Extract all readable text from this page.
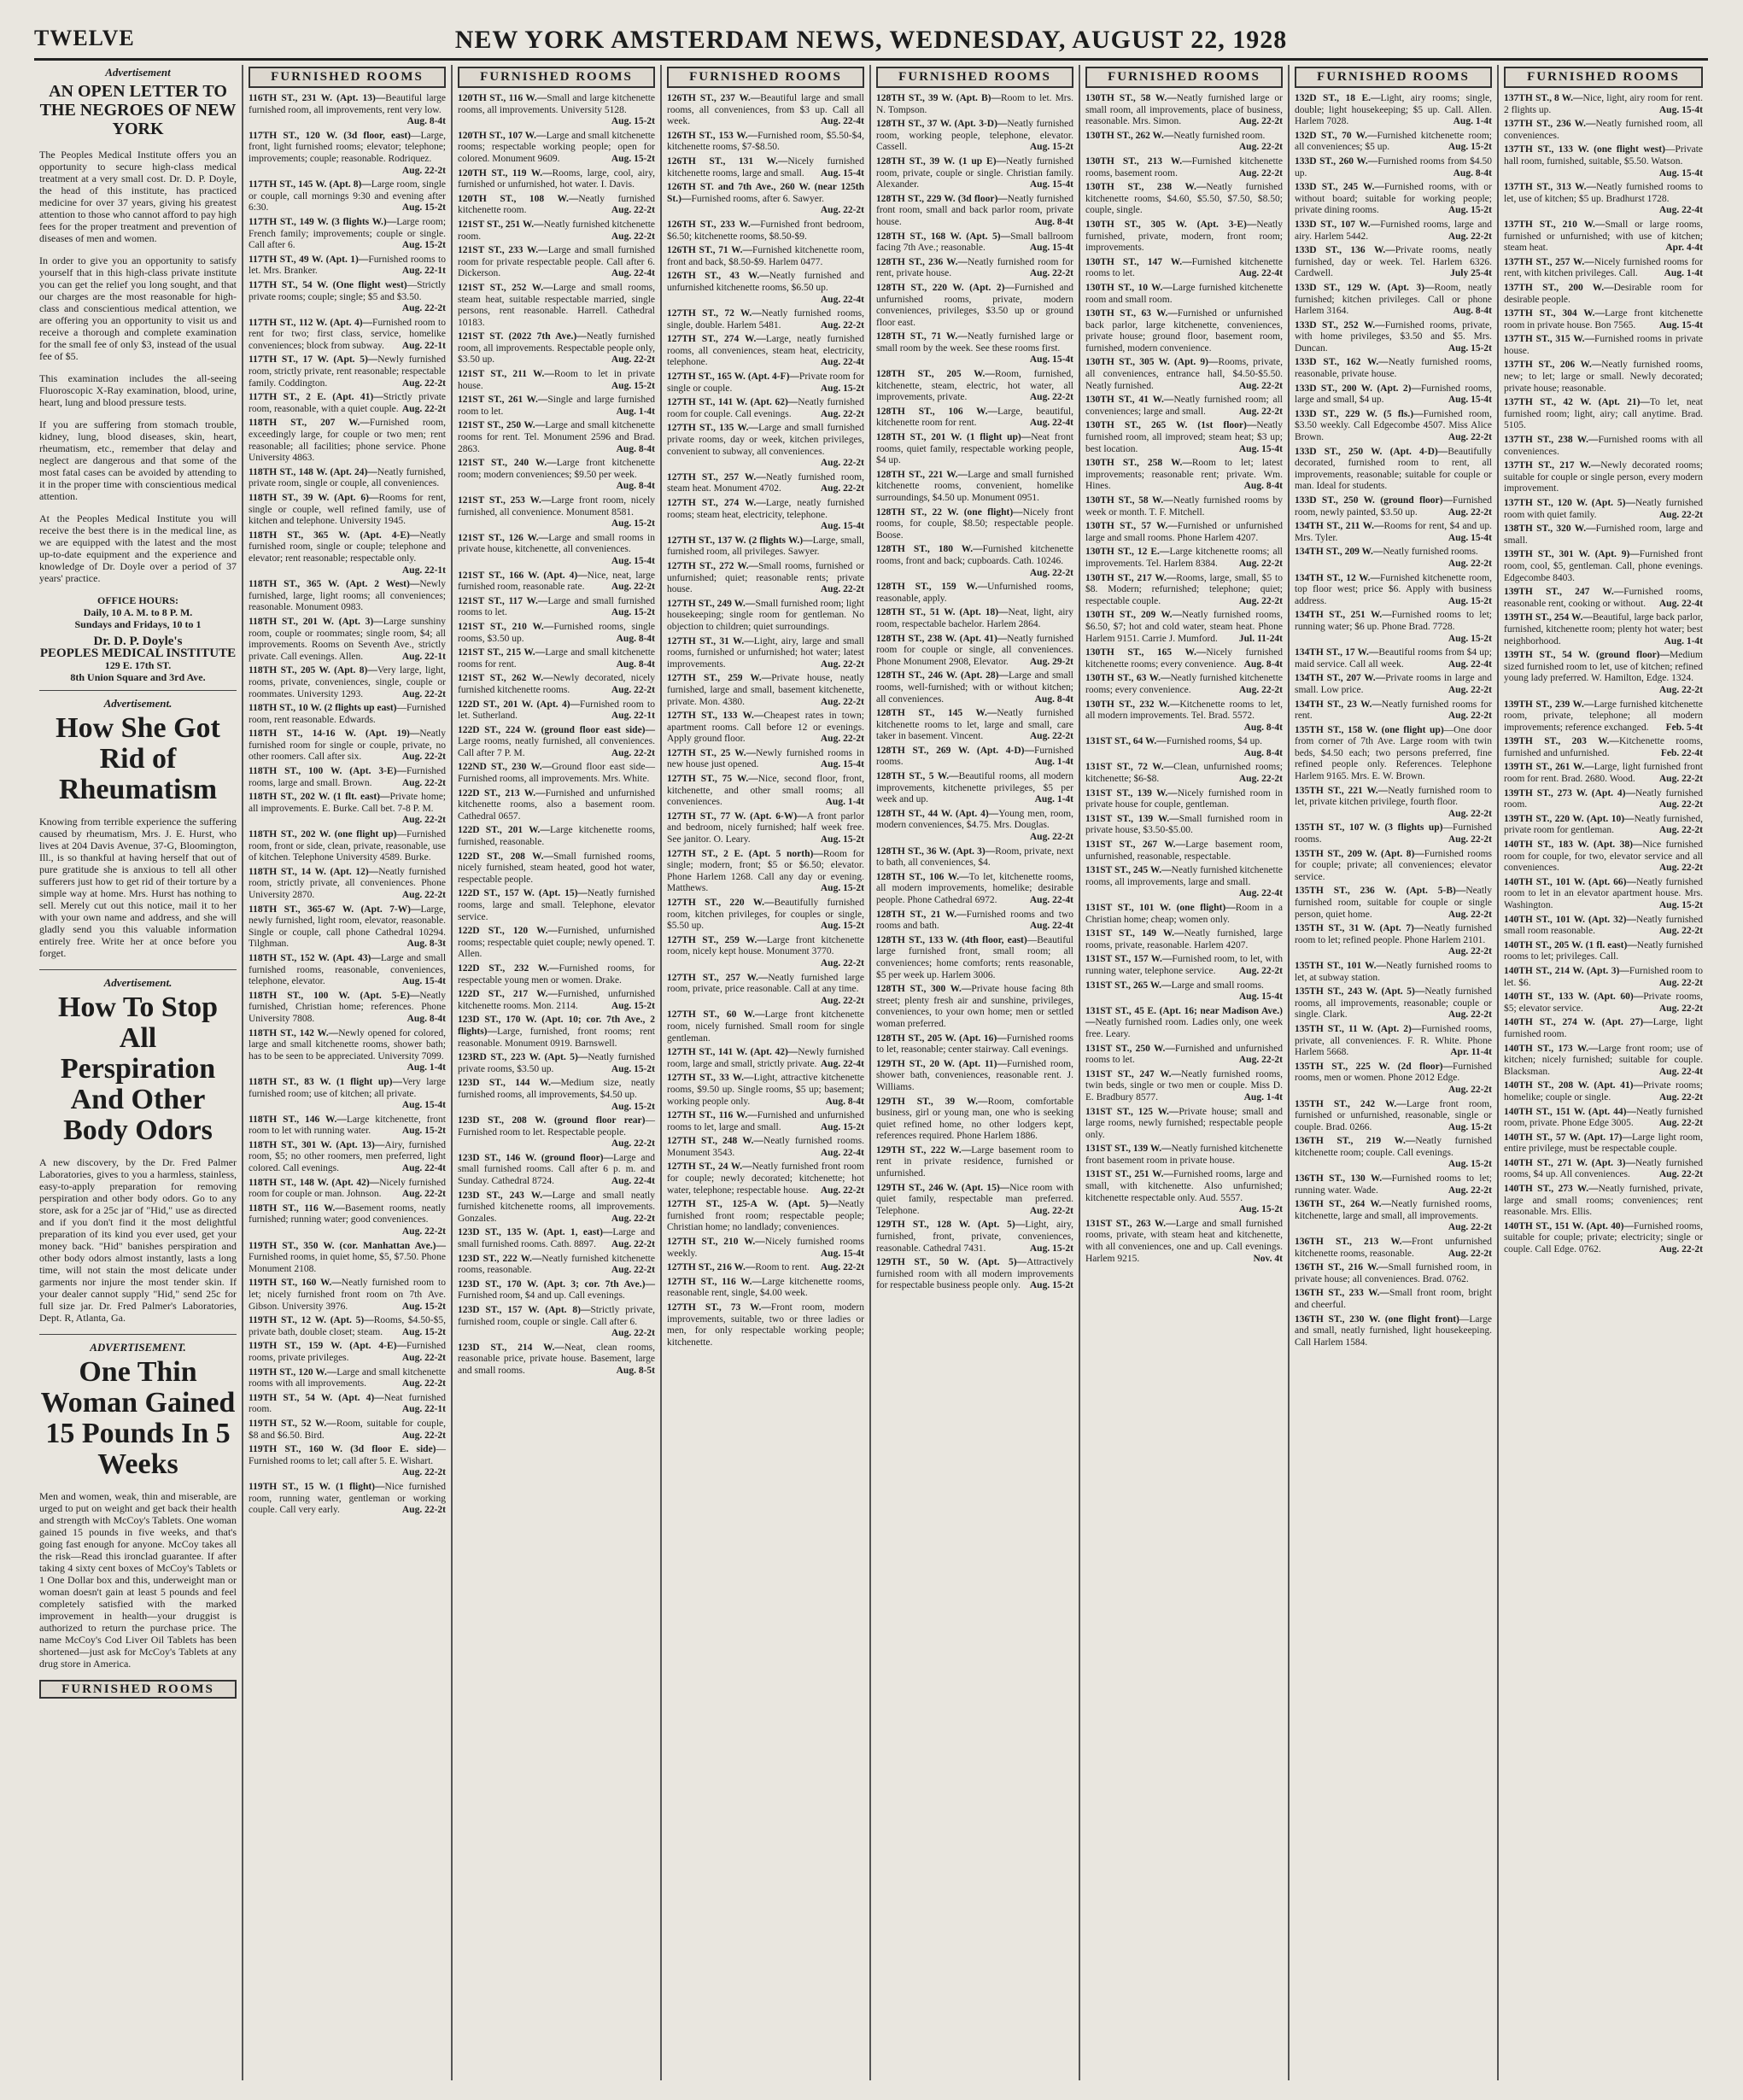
TWELVE	NEW YORK AMSTERDAM NEWS, WEDNESDAY, AUGUST 22, 1928
Advertisement
AN OPEN LETTER TO THE NEGROES OF NEW YORK

The Peoples Medical Institute offers you an opportunity to secure high-class medical treatment at a very small cost. Dr. D. P. Doyle, the head of this institute, has practiced medicine for over 37 years, giving his greatest attention to those who cannot afford to pay high fees for the proper treatment and prevention of diseases of men and women.

In order to give you an opportunity to satisfy yourself that in this high-class private institute you can get the relief you long sought, and that our charges are the most reasonable for high-class and conscientious medical attention, we are offering you an opportunity to visit us and receive a thorough and complete examination for the small fee of only $3, instead of the usual fee of $5.

This examination includes the all-seeing Fluoroscopic X-Ray examination, blood, urine, heart, lung and blood pressure tests.

If you are suffering from stomach trouble, kidney, lung, blood diseases, skin, heart, rheumatism, etc., remember that delay and neglect are dangerous and that some of the most fatal cases can be avoided by attending to it in the proper time with conscientious medical attention.

At the Peoples Medical Institute you will receive the best there is in the medical line, as we are equipped with the latest and the most up-to-date equipment and the experience and knowledge of Dr. Doyle over a period of 37 years' practice.

OFFICE HOURS:
Daily, 10 A. M. to 8 P. M.
Sundays and Fridays, 10 to 1
Dr. D. P. Doyle's
PEOPLES MEDICAL INSTITUTE
129 E. 17th ST.
8th Union Square and 3rd Ave.
Advertisement.
How She Got Rid of Rheumatism

Knowing from terrible experience the suffering caused by rheumatism, Mrs. J. E. Hurst, who lives at 204 Davis Avenue, 37-G, Bloomington, Ill., is so thankful at having herself that out of pure gratitude she is anxious to tell all other sufferers just how to get rid of their torture by a simple way at home. Mrs. Hurst has nothing to sell. Merely cut out this notice, mail it to her with your own name and address, and she will gladly send you this valuable information entirely free. Write her at once before you forget.

Advertisement.
How To Stop All Perspiration And Other Body Odors

A new discovery, by the Dr. Fred Palmer Laboratories, gives to you a harmless, stainless, easy-to-apply preparation for removing perspiration and other body odors. Go to any store, ask for a 25c jar of "Hid," use as directed and if you don't find it the most delightful preparation of its kind you ever used, get your money back. "Hid" banishes perspiration and other body odors almost instantly, lasts a long time, will not stain the most delicate under garments nor injure the most tender skin. If your dealer cannot supply "Hid," send 25c for full size jar. Dr. Fred Palmer's Laboratories, Dept. R, Atlanta, Ga.

ADVERTISEMENT.
One Thin Woman Gained 15 Pounds In 5 Weeks

Men and women, weak, thin and miserable, are urged to put on weight and get back their health and strength with McCoy's Tablets. One woman gained 15 pounds in five weeks, and that's going fast enough for anyone. McCoy takes all the risk—Read this ironclad guarantee. If after taking 4 sixty cent boxes of McCoy's Tablets or 1 One Dollar box and this, underweight man or woman doesn't gain at least 5 pounds and feel completely satisfied with the marked improvement in health—your druggist is authorized to return the purchase price. The name McCoy's Cod Liver Oil Tablets has been shortened—just ask for McCoy's Tablets at any drug store in America.

FURNISHED ROOMS
FURNISHED ROOMS
116TH ST., 231 W. (Apt. 13)—Beautiful large furnished room, all improvements, rent very low.
Aug. 8-4t
117TH ST., 120 W. (3d floor, east)—Large, front, light furnished rooms; elevator; telephone; improvements; couple; reasonable. Rodriquez.
Aug. 22-2t
117TH ST., 145 W. (Apt. 8)—Large room, single or couple, call mornings 9:30 and evening after 6:30.	Aug. 15-2t
117TH ST., 149 W. (3 flights W.)—Large room; French family; improvements; couple or single. Call after 6.	Aug. 15-2t
117TH ST., 49 W. (Apt. 1)—Furnished rooms to let. Mrs. Branker.	Aug. 22-1t
117TH ST., 54 W. (One flight west)—Strictly private rooms; couple; single; $5 and $3.50.
Aug. 22-2t
117TH ST., 112 W. (Apt. 4)—Furnished room to rent for two; first class, service, homelike conveniences; block from subway.	Aug. 22-1t
117TH ST., 17 W. (Apt. 5)—Newly furnished room, strictly private, rent reasonable; respectable family. Coddington.	Aug. 22-2t
117TH ST., 2 E. (Apt. 41)—Strictly private room, reasonable, with a quiet couple. Aug. 22-2t
118TH ST., 207 W.—Furnished room, exceedingly large, for couple or two men; rent reasonable; all facilities; phone service. Phone University 4863.
118TH ST., 148 W. (Apt. 24)—Neatly furnished, private room, single or couple, all conveniences.
118TH ST., 39 W. (Apt. 6)—Rooms for rent, single or couple, well refined family, use of kitchen and telephone. University 1945.
118TH ST., 365 W. (Apt. 4-E)—Neatly furnished room, single or couple; telephone and elevator; rent reasonable; respectable only.
Aug. 22-1t
118TH ST., 365 W. (Apt. 2 West)—Newly furnished, large, light rooms; all conveniences; reasonable. Monument 0983.
118TH ST., 201 W. (Apt. 3)—Large sunshiny room, couple or roommates; single room, $4; all improvements. Rooms on Seventh Ave., strictly private. Call evenings. Allen.	Aug. 22-1t
118TH ST., 205 W. (Apt. 8)—Very large, light, rooms, private, conveniences, single, couple or roommates. University 1293.	Aug. 22-2t
118TH ST., 10 W. (2 flights up east)—Furnished room, rent reasonable. Edwards.
118TH ST., 14-16 W. (Apt. 19)—Neatly furnished room for single or couple, private, no other roomers. Call after six.	Aug. 22-2t
118TH ST., 100 W. (Apt. 3-E)—Furnished rooms, large and small. Brown.	Aug. 22-2t
118TH ST., 202 W. (1 flt. east)—Private home; all improvements. E. Burke. Call bet. 7-8 P. M.
Aug. 22-2t
118TH ST., 202 W. (one flight up)—Furnished room, front or side, clean, private, reasonable, use of kitchen. Telephone University 4589. Burke.
118TH ST., 14 W. (Apt. 12)—Neatly furnished room, strictly private, all conveniences. Phone University 2870.	Aug. 22-2t
118TH ST., 365-67 W. (Apt. 7-W)—Large, newly furnished, light room, elevator, reasonable. Single or couple, call phone Cathedral 10294. Tilghman.	Aug. 8-3t
118TH ST., 152 W. (Apt. 43)—Large and small furnished rooms, reasonable, conveniences, telephone, elevator.	Aug. 15-4t
118TH ST., 100 W. (Apt. 5-E)—Neatly furnished, Christian home; references. Phone University 7808.	Aug. 8-4t
118TH ST., 142 W.—Newly opened for colored, large and small kitchenette rooms, shower bath; has to be seen to be appreciated. University 7099.
Aug. 1-4t
118TH ST., 83 W. (1 flight up)—Very large furnished room; use of kitchen; all private.
Aug. 15-4t
118TH ST., 146 W.—Large kitchenette, front room to let with running water.	Aug. 15-2t
118TH ST., 301 W. (Apt. 13)—Airy, furnished room, $5; no other roomers, men preferred, light colored. Call evenings.	Aug. 22-4t
118TH ST., 148 W. (Apt. 42)—Nicely furnished room for couple or man. Johnson.	Aug. 22-2t
118TH ST., 116 W.—Basement rooms, neatly furnished; running water; good conveniences.
Aug. 22-2t
119TH ST., 350 W. (cor. Manhattan Ave.)—Furnished rooms, in quiet home, $5, $7.50. Phone Monument 2108.
119TH ST., 160 W.—Neatly furnished room to let; nicely furnished front room on 7th Ave. Gibson. University 3976.	Aug. 15-2t
119TH ST., 12 W. (Apt. 5)—Rooms, $4.50-$5, private bath, double closet; steam.	Aug. 15-2t
119TH ST., 159 W. (Apt. 4-E)—Furnished rooms, private privileges.	Aug. 22-2t
119TH ST., 120 W.—Large and small kitchenette rooms with all improvements.	Aug. 22-2t
119TH ST., 54 W. (Apt. 4)—Neat furnished room.	Aug. 22-1t
119TH ST., 52 W.—Room, suitable for couple, $8 and $6.50. Bird.	Aug. 22-2t
119TH ST., 160 W. (3d floor E. side)—Furnished rooms to let; call after 5. E. Wishart.
Aug. 22-2t
119TH ST., 15 W. (1 flight)—Nice furnished room, running water, gentleman or working couple. Call very early.	Aug. 22-2t
FURNISHED ROOMS
120TH ST., 116 W.—Small and large kitchenette rooms, all improvements. University 5128.
Aug. 15-2t
120TH ST., 107 W.—Large and small kitchenette rooms; respectable working people; open for colored. Monument 9609.	Aug. 15-2t
120TH ST., 119 W.—Rooms, large, cool, airy, furnished or unfurnished, hot water. I. Davis.
120TH ST., 108 W.—Neatly furnished kitchenette room.	Aug. 22-2t
121ST ST., 251 W.—Neatly furnished kitchenette room.	Aug. 22-2t
121ST ST., 233 W.—Large and small furnished room for private respectable people. Call after 6. Dickerson.	Aug. 22-4t
121ST ST., 252 W.—Large and small rooms, steam heat, suitable respectable married, single persons, rent reasonable. Harrell. Cathedral 10183.
121ST ST. (2022 7th Ave.)—Neatly furnished room, all improvements. Respectable people only, $3.50 up.	Aug. 22-2t
121ST ST., 211 W.—Room to let in private house.	Aug. 15-2t
121ST ST., 261 W.—Single and large furnished room to let.	Aug. 1-4t
121ST ST., 250 W.—Large and small kitchenette rooms for rent. Tel. Monument 2596 and Brad. 2863.	Aug. 8-4t
121ST ST., 240 W.—Large front kitchenette room; modern conveniences; $9.50 per week.
Aug. 8-4t
121ST ST., 253 W.—Large front room, nicely furnished, all convenience. Monument 8581.
Aug. 15-2t
121ST ST., 126 W.—Large and small rooms in private house, kitchenette, all conveniences.
Aug. 15-4t
121ST ST., 166 W. (Apt. 4)—Nice, neat, large furnished room, reasonable rate.	Aug. 22-2t
121ST ST., 117 W.—Large and small furnished rooms to let.	Aug. 15-2t
121ST ST., 210 W.—Furnished rooms, single rooms, $3.50 up.	Aug. 8-4t
121ST ST., 215 W.—Large and small kitchenette rooms for rent.	Aug. 8-4t
121ST ST., 262 W.—Newly decorated, nicely furnished kitchenette rooms.	Aug. 22-2t
122D ST., 201 W. (Apt. 4)—Furnished room to let. Sutherland.	Aug. 22-1t
122D ST., 224 W. (ground floor east side)—Large rooms, neatly furnished, all conveniences. Call after 7 P. M.	Aug. 22-2t
122ND ST., 230 W.—Ground floor east side—Furnished rooms, all improvements. Mrs. White.
122D ST., 213 W.—Furnished and unfurnished kitchenette rooms, also a basement room. Cathedral 0657.
122D ST., 201 W.—Large kitchenette rooms, furnished, reasonable.
122D ST., 208 W.—Small furnished rooms, nicely furnished, steam heated, good hot water, respectable people.
122D ST., 157 W. (Apt. 15)—Neatly furnished rooms, large and small. Telephone, elevator service.
122D ST., 120 W.—Furnished, unfurnished rooms; respectable quiet couple; newly opened. T. Allen.
122D ST., 232 W.—Furnished rooms, for respectable young men or women. Drake.
122D ST., 217 W.—Furnished, unfurnished kitchenette rooms. Mon. 2114.	Aug. 15-2t
123D ST., 170 W. (Apt. 10; cor. 7th Ave., 2 flights)—Large, furnished, front rooms; rent reasonable. Monument 0919. Barnswell.
123RD ST., 223 W. (Apt. 5)—Neatly furnished private rooms, $3.50 up.	Aug. 15-2t
123D ST., 144 W.—Medium size, neatly furnished rooms, all improvements, $4.50 up.
Aug. 15-2t
123D ST., 208 W. (ground floor rear)—Furnished room to let. Respectable people.
Aug. 22-2t
123D ST., 146 W. (ground floor)—Large and small furnished rooms. Call after 6 p. m. and Sunday. Cathedral 8724.	Aug. 22-4t
123D ST., 243 W.—Large and small neatly furnished kitchenette rooms, all improvements. Gonzales.	Aug. 22-2t
123D ST., 135 W. (Apt. 1, east)—Large and small furnished rooms. Cath. 8897.	Aug. 22-2t
123D ST., 222 W.—Neatly furnished kitchenette rooms, reasonable.	Aug. 22-2t
123D ST., 170 W. (Apt. 3; cor. 7th Ave.)—Furnished room, $4 and up. Call evenings.
123D ST., 157 W. (Apt. 8)—Strictly private, furnished room, couple or single. Call after 6.
Aug. 22-2t
123D ST., 214 W.—Neat, clean rooms, reasonable price, private house. Basement, large and small rooms.	Aug. 8-5t
FURNISHED ROOMS
126TH ST., 237 W.—Beautiful large and small rooms, all conveniences, from $3 up. Call all week.	Aug. 22-4t
126TH ST., 153 W.—Furnished room, $5.50-$4, kitchenette rooms, $7-$8.50.
126TH ST., 131 W.—Nicely furnished kitchenette rooms, large and small.	Aug. 15-4t
126TH ST. and 7th Ave., 260 W. (near 125th St.)—Furnished rooms, after 6. Sawyer.
Aug. 22-2t
126TH ST., 233 W.—Furnished front bedroom, $6.50; kitchenette rooms, $8.50-$9.
126TH ST., 71 W.—Furnished kitchenette room, front and back, $8.50-$9. Harlem 0477.
126TH ST., 43 W.—Neatly furnished and unfurnished kitchenette rooms, $6.50 up.
Aug. 22-4t
127TH ST., 72 W.—Neatly furnished rooms, single, double. Harlem 5481.	Aug. 22-2t
127TH ST., 274 W.—Large, neatly furnished rooms, all conveniences, steam heat, electricity, telephone.	Aug. 22-4t
127TH ST., 165 W. (Apt. 4-F)—Private room for single or couple.	Aug. 15-2t
127TH ST., 141 W. (Apt. 62)—Neatly furnished room for couple. Call evenings.	Aug. 22-2t
127TH ST., 135 W.—Large and small furnished private rooms, day or week, kitchen privileges, convenient to subway, all conveniences.
Aug. 22-2t
127TH ST., 257 W.—Neatly furnished room, steam heat. Monument 4702.	Aug. 22-2t
127TH ST., 274 W.—Large, neatly furnished rooms; steam heat, electricity, telephone.
Aug. 15-4t
127TH ST., 137 W. (2 flights W.)—Large, small, furnished room, all privileges. Sawyer.
127TH ST., 272 W.—Small rooms, furnished or unfurnished; quiet; reasonable rents; private house.	Aug. 22-2t
127TH ST., 249 W.—Small furnished room; light housekeeping; single room for gentleman. No objection to children; quiet surroundings.
127TH ST., 31 W.—Light, airy, large and small rooms, furnished or unfurnished; hot water; latest improvements.	Aug. 22-2t
127TH ST., 259 W.—Private house, neatly furnished, large and small, basement kitchenette, private. Mon. 4380.	Aug. 22-2t
127TH ST., 133 W.—Cheapest rates in town; apartment rooms. Call before 12 or evenings. Apply ground floor.	Aug. 22-2t
127TH ST., 25 W.—Newly furnished rooms in new house just opened.	Aug. 15-4t
127TH ST., 75 W.—Nice, second floor, front, kitchenette, and other small rooms; all conveniences.	Aug. 1-4t
127TH ST., 77 W. (Apt. 6-W)—A front parlor and bedroom, nicely furnished; half week free. See janitor. O. Leary.	Aug. 15-2t
127TH ST., 2 E. (Apt. 5 north)—Room for single; modern, front; $5 or $6.50; elevator. Phone Harlem 1268. Call any day or evening. Matthews.	Aug. 15-2t
127TH ST., 220 W.—Beautifully furnished room, kitchen privileges, for couples or single, $5.50 up.	Aug. 15-2t
127TH ST., 259 W.—Large front kitchenette room, nicely kept house. Monument 3770.
Aug. 22-2t
127TH ST., 257 W.—Neatly furnished large room, private, price reasonable. Call at any time.
Aug. 22-2t
127TH ST., 60 W.—Large front kitchenette room, nicely furnished. Small room for single gentleman.
127TH ST., 141 W. (Apt. 42)—Newly furnished room, large and small, strictly private. Aug. 22-4t
127TH ST., 33 W.—Light, attractive kitchenette rooms, $9.50 up. Single rooms, $5 up; basement; working people only.	Aug. 8-4t
127TH ST., 116 W.—Furnished and unfurnished rooms to let, large and small.	Aug. 15-2t
127TH ST., 248 W.—Neatly furnished rooms. Monument 3543.	Aug. 22-4t
127TH ST., 24 W.—Neatly furnished front room for couple; newly decorated; kitchenette; hot water, telephone; respectable house.	Aug. 22-2t
127TH ST., 125-A W. (Apt. 5)—Neatly furnished front room; respectable people; Christian home; no landlady; conveniences.
127TH ST., 210 W.—Nicely furnished rooms weekly.	Aug. 15-4t
127TH ST., 216 W.—Room to rent.	Aug. 22-2t
127TH ST., 116 W.—Large kitchenette rooms, reasonable rent, single, $4.00 week.
127TH ST., 73 W.—Front room, modern improvements, suitable, two or three ladies or men, for only respectable working people; kitchenette.
FURNISHED ROOMS
128TH ST., 39 W. (Apt. B)—Room to let. Mrs. N. Tompson.
128TH ST., 37 W. (Apt. 3-D)—Neatly furnished room, working people, telephone, elevator. Cassell.	Aug. 15-2t
128TH ST., 39 W. (1 up E)—Neatly furnished room, private, couple or single. Christian family. Alexander.	Aug. 15-4t
128TH ST., 229 W. (3d floor)—Neatly furnished front room, small and back parlor room, private house.	Aug. 8-4t
128TH ST., 168 W. (Apt. 5)—Small ballroom facing 7th Ave.; reasonable.	Aug. 15-4t
128TH ST., 236 W.—Neatly furnished room for rent, private house.	Aug. 22-2t
128TH ST., 220 W. (Apt. 2)—Furnished and unfurnished rooms, private, modern conveniences, privileges, $3.50 up or ground floor east.
128TH ST., 71 W.—Neatly furnished large or small room by the week. See these rooms first.
Aug. 15-4t
128TH ST., 205 W.—Room, furnished, kitchenette, steam, electric, hot water, all improvements, private.	Aug. 22-2t
128TH ST., 106 W.—Large, beautiful, kitchenette room for rent.	Aug. 22-4t
128TH ST., 201 W. (1 flight up)—Neat front rooms, quiet family, respectable working people, $4 up.
128TH ST., 221 W.—Large and small furnished kitchenette rooms, convenient, homelike surroundings, $4.50 up. Monument 0951.
128TH ST., 22 W. (one flight)—Nicely front rooms, for couple, $8.50; respectable people. Boose.
128TH ST., 180 W.—Furnished kitchenette rooms, front and back; cupboards. Cath. 10246.
Aug. 22-2t
128TH ST., 159 W.—Unfurnished rooms, reasonable, apply.
128TH ST., 51 W. (Apt. 18)—Neat, light, airy room, respectable bachelor. Harlem 2864.
128TH ST., 238 W. (Apt. 41)—Neatly furnished room for couple or single, all conveniences. Phone Monument 2908, Elevator.	Aug. 29-2t
128TH ST., 246 W. (Apt. 28)—Large and small rooms, well-furnished; with or without kitchen; all conveniences.	Aug. 8-4t
128TH ST., 145 W.—Neatly furnished kitchenette rooms to let, large and small, care taker in basement. Vincent.	Aug. 22-2t
128TH ST., 269 W. (Apt. 4-D)—Furnished rooms.	Aug. 1-4t
128TH ST., 5 W.—Beautiful rooms, all modern improvements, kitchenette privileges, $5 per week and up.	Aug. 1-4t
128TH ST., 44 W. (Apt. 4)—Young men, room, modern conveniences, $4.75. Mrs. Douglas.
Aug. 22-2t
128TH ST., 36 W. (Apt. 3)—Room, private, next to bath, all conveniences, $4.
128TH ST., 106 W.—To let, kitchenette rooms, all modern improvements, homelike; desirable people. Phone Cathedral 6972.	Aug. 22-4t
128TH ST., 21 W.—Furnished rooms and two rooms and bath.	Aug. 22-4t
128TH ST., 133 W. (4th floor, east)—Beautiful large furnished front, small room; all conveniences; home comforts; rents reasonable, $5 per week up. Harlem 3006.
128TH ST., 300 W.—Private house facing 8th street; plenty fresh air and sunshine, privileges, conveniences, to your own home; men or settled woman preferred.
128TH ST., 205 W. (Apt. 16)—Furnished rooms to let, reasonable; center stairway. Call evenings.
129TH ST., 20 W. (Apt. 11)—Furnished room, shower bath, conveniences, reasonable rent. J. Williams.
129TH ST., 39 W.—Room, comfortable business, girl or young man, one who is seeking quiet refined home, no other lodgers kept, references required. Phone Harlem 1886.
129TH ST., 222 W.—Large basement room to rent in private residence, furnished or unfurnished.
129TH ST., 246 W. (Apt. 15)—Nice room with quiet family, respectable man preferred. Telephone.	Aug. 22-2t
129TH ST., 128 W. (Apt. 5)—Light, airy, furnished, front, private, conveniences, reasonable. Cathedral 7431.	Aug. 15-2t
129TH ST., 50 W. (Apt. 5)—Attractively furnished room with all modern improvements for respectable business people only. Aug. 15-2t
FURNISHED ROOMS
130TH ST., 58 W.—Neatly furnished large or small room, all improvements, place of business, reasonable. Mrs. Simon.	Aug. 22-2t
130TH ST., 262 W.—Neatly furnished room.
Aug. 22-2t
130TH ST., 213 W.—Furnished kitchenette rooms, basement room.	Aug. 22-2t
130TH ST., 238 W.—Neatly furnished kitchenette rooms, $4.60, $5.50, $7.50, $8.50; couple, single.
130TH ST., 305 W. (Apt. 3-E)—Neatly furnished, private, modern, front room; improvements.
130TH ST., 147 W.—Furnished kitchenette rooms to let.	Aug. 22-4t
130TH ST., 10 W.—Large furnished kitchenette room and small room.
130TH ST., 63 W.—Furnished or unfurnished back parlor, large kitchenette, conveniences, private house; ground floor, basement room, furnished, modern convenience.
130TH ST., 305 W. (Apt. 9)—Rooms, private, all conveniences, entrance hall, $4.50-$5.50. Neatly furnished.	Aug. 22-2t
130TH ST., 41 W.—Neatly furnished room; all conveniences; large and small.	Aug. 22-2t
130TH ST., 265 W. (1st floor)—Neatly furnished room, all improved; steam heat; $3 up; best location.	Aug. 15-4t
130TH ST., 258 W.—Room to let; latest improvements; reasonable rent; private. Wm. Hines.	Aug. 8-4t
130TH ST., 58 W.—Neatly furnished rooms by week or month. T. F. Mitchell.
130TH ST., 57 W.—Furnished or unfurnished large and small rooms. Phone Harlem 4207.
130TH ST., 12 E.—Large kitchenette rooms; all improvements. Tel. Harlem 8384.	Aug. 22-2t
130TH ST., 217 W.—Rooms, large, small, $5 to $8. Modern; refurnished; telephone; quiet; respectable couple.	Aug. 22-2t
130TH ST., 209 W.—Neatly furnished rooms, $6.50, $7; hot and cold water, steam heat. Phone Harlem 9151. Carrie J. Mumford.	Jul. 11-24t
130TH ST., 165 W.—Nicely furnished kitchenette rooms; every convenience. Aug. 8-4t
130TH ST., 63 W.—Neatly furnished kitchenette rooms; every convenience.	Aug. 22-2t
130TH ST., 232 W.—Kitchenette rooms to let, all modern improvements. Tel. Brad. 5572.
Aug. 8-4t
131ST ST., 64 W.—Furnished rooms, $4 up.
Aug. 8-4t
131ST ST., 72 W.—Clean, unfurnished rooms; kitchenette; $6-$8.	Aug. 22-2t
131ST ST., 139 W.—Nicely furnished room in private house for couple, gentleman.
131ST ST., 139 W.—Small furnished room in private house, $3.50-$5.00.
131ST ST., 267 W.—Large basement room, unfurnished, reasonable, respectable.
131ST ST., 245 W.—Neatly furnished kitchenette rooms, all improvements, large and small.
Aug. 22-4t
131ST ST., 101 W. (one flight)—Room in a Christian home; cheap; women only.
131ST ST., 149 W.—Neatly furnished, large rooms, private, reasonable. Harlem 4207.
131ST ST., 157 W.—Furnished room, to let, with running water, telephone service.	Aug. 22-2t
131ST ST., 265 W.—Large and small rooms.
Aug. 15-4t
131ST ST., 45 E. (Apt. 16; near Madison Ave.)—Neatly furnished room. Ladies only, one week free. Leary.
131ST ST., 250 W.—Furnished and unfurnished rooms to let.	Aug. 22-2t
131ST ST., 247 W.—Neatly furnished rooms, twin beds, single or two men or couple. Miss D. E. Bradbury 8577.	Aug. 1-4t
131ST ST., 125 W.—Private house; small and large rooms, newly furnished; respectable people only.
131ST ST., 139 W.—Neatly furnished kitchenette front basement room in private house.
131ST ST., 251 W.—Furnished rooms, large and small, with kitchenette. Also unfurnished; kitchenette respectable only. Aud. 5557.
Aug. 15-2t
131ST ST., 263 W.—Large and small furnished rooms, private, with steam heat and kitchenette, with all conveniences, one and up. Call evenings. Harlem 9215.	Nov. 4t
FURNISHED ROOMS
132D ST., 18 E.—Light, airy rooms; single, double; light housekeeping; $5 up. Call. Allen. Harlem 7028.	Aug. 1-4t
132D ST., 70 W.—Furnished kitchenette room; all conveniences; $5 up.	Aug. 15-2t
133D ST., 260 W.—Furnished rooms from $4.50 up.	Aug. 8-4t
133D ST., 245 W.—Furnished rooms, with or without board; suitable for working people; private dining rooms.	Aug. 15-2t
133D ST., 107 W.—Furnished rooms, large and airy. Harlem 5442.	Aug. 22-2t
133D ST., 136 W.—Private rooms, neatly furnished, day or week. Tel. Harlem 6326. Cardwell.	July 25-4t
133D ST., 129 W. (Apt. 3)—Room, neatly furnished; kitchen privileges. Call or phone Harlem 3164.	Aug. 8-4t
133D ST., 252 W.—Furnished rooms, private, with home privileges, $3.50 and $5. Mrs. Duncan.	Aug. 15-2t
133D ST., 162 W.—Neatly furnished rooms, reasonable, private house.
133D ST., 200 W. (Apt. 2)—Furnished rooms, large and small, $4 up.	Aug. 15-4t
133D ST., 229 W. (5 fls.)—Furnished room, $3.50 weekly. Call Edgecombe 4507. Miss Alice Brown.	Aug. 22-2t
133D ST., 250 W. (Apt. 4-D)—Beautifully decorated, furnished room to rent, all improvements, reasonable; suitable for couple or man. Ideal for students.
133D ST., 250 W. (ground floor)—Furnished room, newly painted, $3.50 up.	Aug. 22-2t
134TH ST., 211 W.—Rooms for rent, $4 and up. Mrs. Tyler.	Aug. 15-4t
134TH ST., 209 W.—Neatly furnished rooms.
Aug. 22-2t
134TH ST., 12 W.—Furnished kitchenette room, top floor west; price $6. Apply with business address.	Aug. 15-2t
134TH ST., 251 W.—Furnished rooms to let; running water; $6 up. Phone Brad. 7728.
Aug. 15-2t
134TH ST., 17 W.—Beautiful rooms from $4 up; maid service. Call all week.	Aug. 22-4t
134TH ST., 207 W.—Private rooms in large and small. Low price.	Aug. 22-2t
134TH ST., 23 W.—Neatly furnished rooms for rent.	Aug. 22-2t
135TH ST., 158 W. (one flight up)—One door from corner of 7th Ave. Large room with twin beds, $4.50 each; two persons preferred, fine refined people only. References. Telephone Harlem 9165. Mrs. E. W. Brown.
135TH ST., 221 W.—Neatly furnished room to let, private kitchen privilege, fourth floor.
Aug. 22-2t
135TH ST., 107 W. (3 flights up)—Furnished rooms.	Aug. 22-2t
135TH ST., 209 W. (Apt. 8)—Furnished rooms for couple; private; all conveniences; elevator service.
135TH ST., 236 W. (Apt. 5-B)—Neatly furnished room, suitable for couple or single person, quiet home.	Aug. 22-2t
135TH ST., 31 W. (Apt. 7)—Neatly furnished room to let; refined people. Phone Harlem 2101.
Aug. 22-2t
135TH ST., 101 W.—Neatly furnished rooms to let, at subway station.
135TH ST., 243 W. (Apt. 5)—Neatly furnished rooms, all improvements, reasonable; couple or single. Clark.	Aug. 22-2t
135TH ST., 11 W. (Apt. 2)—Furnished rooms, private, all conveniences. F. R. White. Phone Harlem 5668.	Apr. 11-4t
135TH ST., 225 W. (2d floor)—Furnished rooms, men or women. Phone 2012 Edge.
Aug. 22-2t
135TH ST., 242 W.—Large front room, furnished or unfurnished, reasonable, single or couple. Brad. 0266.	Aug. 15-2t
136TH ST., 219 W.—Neatly furnished kitchenette room; couple. Call evenings.
Aug. 15-2t
136TH ST., 130 W.—Furnished rooms to let; running water. Wade.	Aug. 22-2t
136TH ST., 264 W.—Neatly furnished rooms, kitchenette, large and small, all improvements.
Aug. 22-2t
136TH ST., 213 W.—Front unfurnished kitchenette rooms, reasonable.	Aug. 22-2t
136TH ST., 216 W.—Small furnished room, in private house; all conveniences. Brad. 0762.
136TH ST., 233 W.—Small front room, bright and cheerful.
136TH ST., 230 W. (one flight front)—Large and small, neatly furnished, light housekeeping. Call Harlem 1584.
FURNISHED ROOMS
137TH ST., 8 W.—Nice, light, airy room for rent. 2 flights up.	Aug. 15-4t
137TH ST., 236 W.—Neatly furnished room, all conveniences.
137TH ST., 133 W. (one flight west)—Private hall room, furnished, suitable, $5.50. Watson.
Aug. 15-4t
137TH ST., 313 W.—Neatly furnished rooms to let, use of kitchen; $5 up. Bradhurst 1728.
Aug. 22-4t
137TH ST., 210 W.—Small or large rooms, furnished or unfurnished; with use of kitchen; steam heat.	Apr. 4-4t
137TH ST., 257 W.—Nicely furnished rooms for rent, with kitchen privileges. Call.	Aug. 1-4t
137TH ST., 200 W.—Desirable room for desirable people.
137TH ST., 304 W.—Large front kitchenette room in private house. Bon 7565.	Aug. 15-4t
137TH ST., 315 W.—Furnished rooms in private house.
137TH ST., 206 W.—Neatly furnished rooms, new; to let; large or small. Newly decorated; private house; reasonable.
137TH ST., 42 W. (Apt. 21)—To let, neat furnished room; light, airy; call anytime. Brad. 5105.
137TH ST., 238 W.—Furnished rooms with all conveniences.
137TH ST., 217 W.—Newly decorated rooms; suitable for couple or single person, every modern improvement.
137TH ST., 120 W. (Apt. 5)—Neatly furnished room with quiet family.	Aug. 22-2t
138TH ST., 320 W.—Furnished room, large and small.
139TH ST., 301 W. (Apt. 9)—Furnished front room, cool, $5, gentleman. Call, phone evenings. Edgecombe 8403.
139TH ST., 247 W.—Furnished rooms, reasonable rent, cooking or without.	Aug. 22-4t
139TH ST., 254 W.—Beautiful, large back parlor, furnished, kitchenette room; plenty hot water; best neighborhood.	Aug. 1-4t
139TH ST., 54 W. (ground floor)—Medium sized furnished room to let, use of kitchen; refined young lady preferred. W. Hamilton, Edge. 1324.
Aug. 22-2t
139TH ST., 239 W.—Large furnished kitchenette room, private, telephone; all modern improvements; reference exchanged.	Feb. 5-4t
139TH ST., 203 W.—Kitchenette rooms, furnished and unfurnished.	Feb. 22-4t
139TH ST., 261 W.—Large, light furnished front room for rent. Brad. 2680. Wood.	Aug. 22-2t
139TH ST., 273 W. (Apt. 4)—Neatly furnished room.	Aug. 22-2t
139TH ST., 220 W. (Apt. 10)—Neatly furnished, private room for gentleman.	Aug. 22-2t
140TH ST., 183 W. (Apt. 38)—Nice furnished room for couple, for two, elevator service and all conveniences.	Aug. 22-2t
140TH ST., 101 W. (Apt. 66)—Neatly furnished room to let in an elevator apartment house. Mrs. Washington.	Aug. 15-2t
140TH ST., 101 W. (Apt. 32)—Neatly furnished small room reasonable.	Aug. 22-2t
140TH ST., 205 W. (1 fl. east)—Neatly furnished rooms to let; privileges. Call.
140TH ST., 214 W. (Apt. 3)—Furnished room to let. $6.	Aug. 22-2t
140TH ST., 133 W. (Apt. 60)—Private rooms, $5; elevator service.	Aug. 22-2t
140TH ST., 274 W. (Apt. 27)—Large, light furnished room.
140TH ST., 173 W.—Large front room; use of kitchen; nicely furnished; suitable for couple. Blacksman.	Aug. 22-4t
140TH ST., 208 W. (Apt. 41)—Private rooms; homelike; couple or single.	Aug. 22-2t
140TH ST., 151 W. (Apt. 44)—Neatly furnished room, private. Phone Edge 3005.	Aug. 22-2t
140TH ST., 57 W. (Apt. 17)—Large light room, entire privilege, must be respectable couple.
140TH ST., 271 W. (Apt. 3)—Neatly furnished rooms, $4 up. All conveniences.	Aug. 22-2t
140TH ST., 273 W.—Neatly furnished, private, large and small rooms; conveniences; rent reasonable. Mrs. Ellis.
140TH ST., 151 W. (Apt. 40)—Furnished rooms, suitable for couple; private; electricity; single or couple. Call Edge. 0762.	Aug. 22-2t
